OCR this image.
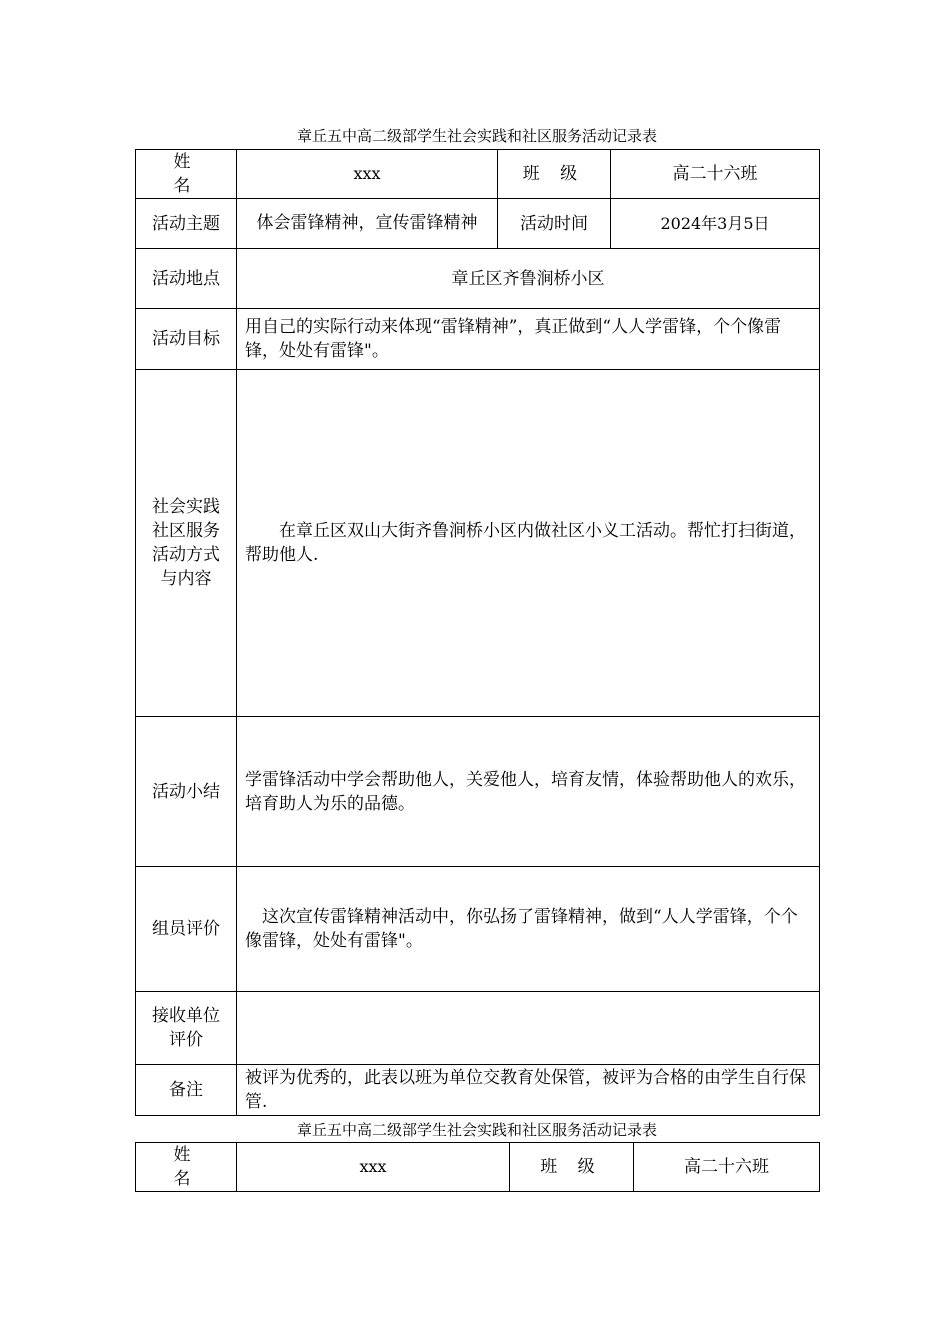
章丘五中高二级部学生社会实践和社区服务活动记录表
姓名	xxx	班级	高二十六班
活动主题	体会雷锋精神，宣传雷锋精神	活动时间	2024年3月5日
活动地点	章丘区齐鲁涧桥小区		
活动目标	用自己的实际行动来体现“雷锋精神”，真正做到“人人学雷锋，个个像雷锋，处处有雷锋"。		
社会实践社区服务活动方式与内容	在章丘区双山大街齐鲁涧桥小区内做社区小义工活动。帮忙打扫街道，帮助他人.		
活动小结	学雷锋活动中学会帮助他人，关爱他人，培育友情，体验帮助他人的欢乐，培育助人为乐的品德。		
组员评价	这次宣传雷锋精神活动中，你弘扬了雷锋精神，做到“人人学雷锋，个个像雷锋，处处有雷锋"。		
接收单位评价			
备注	被评为优秀的，此表以班为单位交教育处保管，被评为合格的由学生自行保管.		
章丘五中高二级部学生社会实践和社区服务活动记录表
姓名	xxx	班级	高二十六班
